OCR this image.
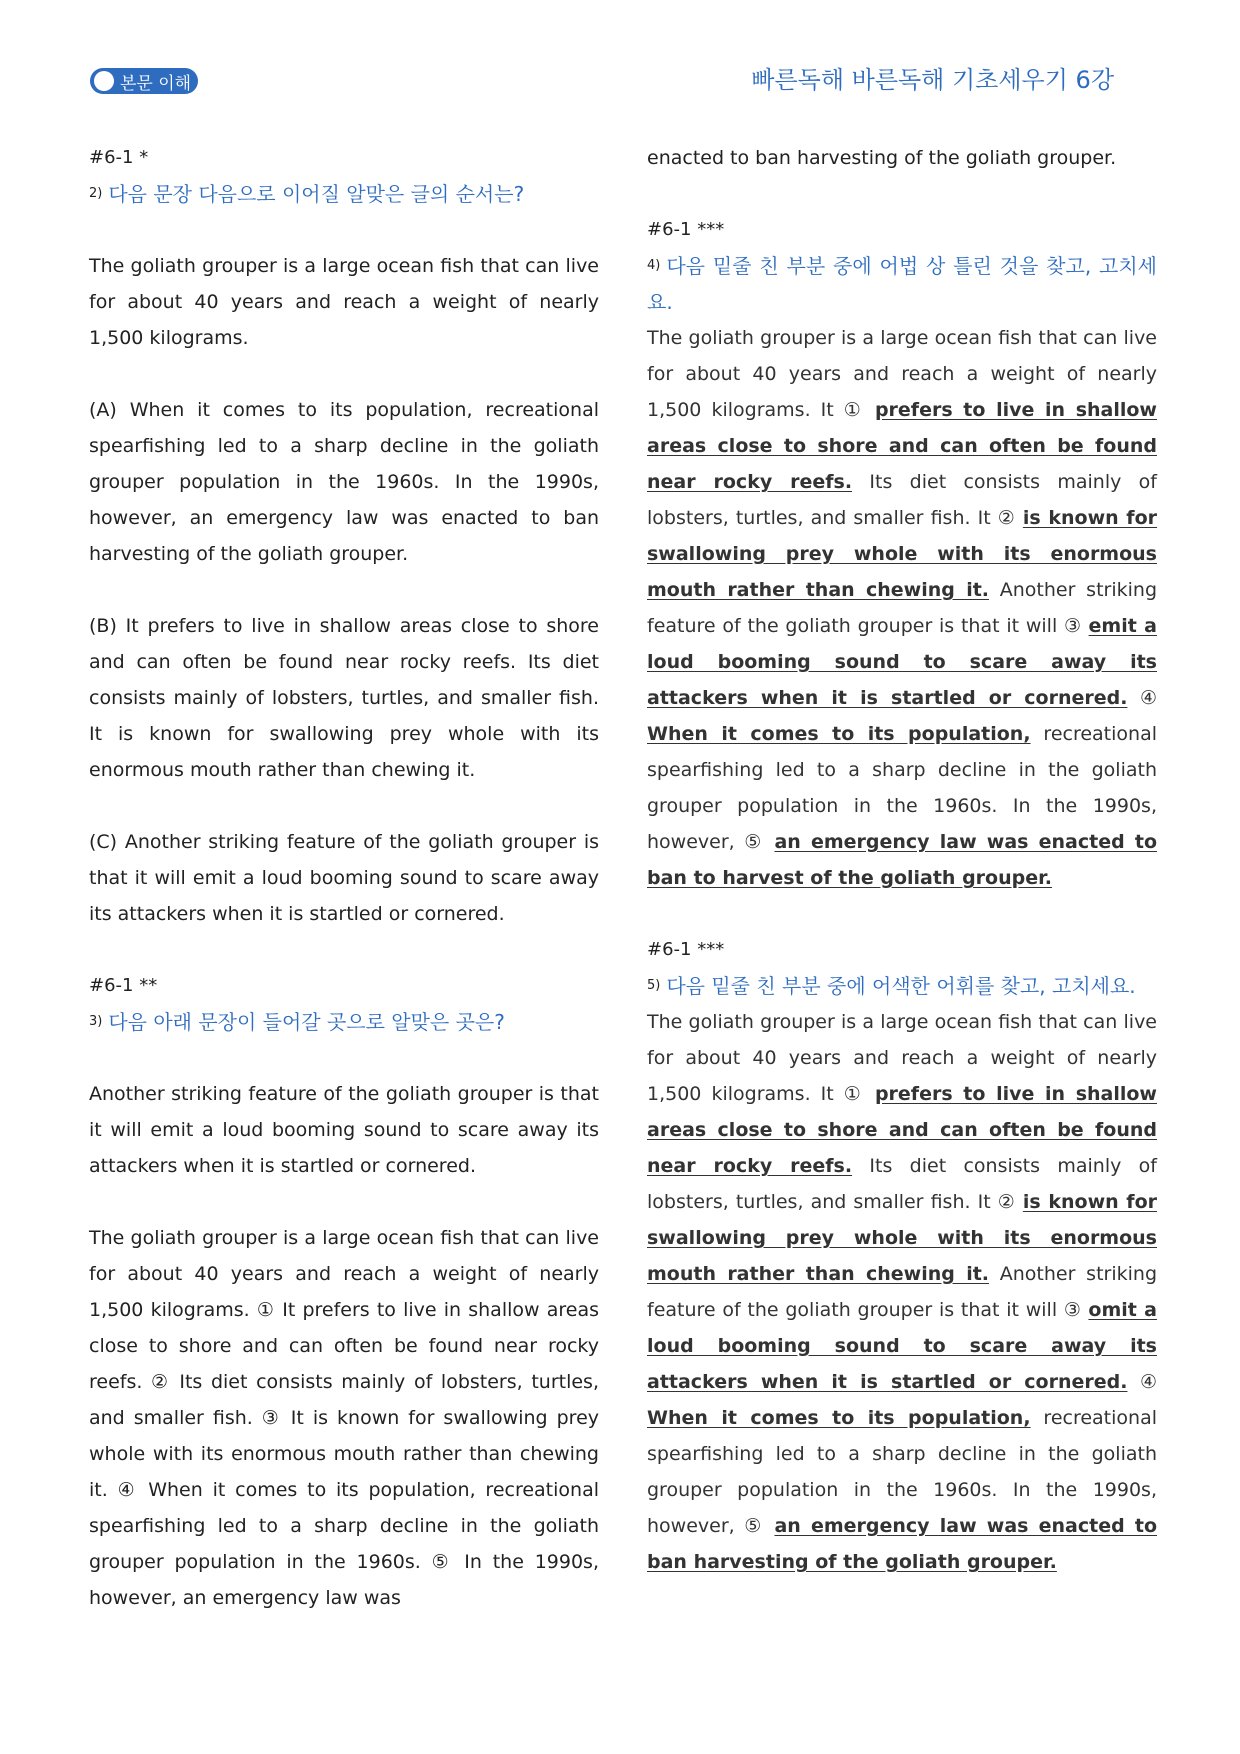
본문 이해	빠른독해 바른독해 기초세우기 6강

#6-1 *

$^{2)}$ 다음 문장 다음으로 이어질 알맞은 글의 순서는?

The goliath grouper is a large ocean fish that can live for about 40 years and reach a weight of nearly 1,500 kilograms.

(A) When it comes to its population, recreational spearfishing led to a sharp decline in the goliath grouper population in the 1960s. In the 1990s, however, an emergency law was enacted to ban harvesting of the goliath grouper.

(B) It prefers to live in shallow areas close to shore and can often be found near rocky reefs. Its diet consists mainly of lobsters, turtles, and smaller fish. It is known for swallowing prey whole with its enormous mouth rather than chewing it.

(C) Another striking feature of the goliath grouper is that it will emit a loud booming sound to scare away its attackers when it is startled or cornered.

#6-1 **

$^{3)}$ 다음 아래 문장이 들어갈 곳으로 알맞은 곳은?

Another striking feature of the goliath grouper is that it will emit a loud booming sound to scare away its attackers when it is startled or cornered.

The goliath grouper is a large ocean fish that can live for about 40 years and reach a weight of nearly 1,500 kilograms. ① It prefers to live in shallow areas close to shore and can often be found near rocky reefs. ② Its diet consists mainly of lobsters, turtles, and smaller fish. ③ It is known for swallowing prey whole with its enormous mouth rather than chewing it. ④ When it comes to its population, recreational spearfishing led to a sharp decline in the goliath grouper population in the 1960s. ⑤ In the 1990s, however, an emergency law was

enacted to ban harvesting of the goliath grouper.

#6-1 ***

$^{4)}$ 다음 밑줄 친 부분 중에 어법 상 틀린 것을 찾고, 고치세요.

The goliath grouper is a large ocean fish that can live for about 40 years and reach a weight of nearly 1,500 kilograms. It ① prefers to live in shallow areas close to shore and can often be found near rocky reefs. Its diet consists mainly of lobsters, turtles, and smaller fish. It ② is known for swallowing prey whole with its enormous mouth rather than chewing it. Another striking feature of the goliath grouper is that it will ③ emit a loud booming sound to scare away its attackers when it is startled or cornered. ④ When it comes to its population, recreational spearfishing led to a sharp decline in the goliath grouper population in the 1960s. In the 1990s, however, ⑤ an emergency law was enacted to ban to harvest of the goliath grouper.

#6-1 ***

$^{5)}$ 다음 밑줄 친 부분 중에 어색한 어휘를 찾고, 고치세요.

The goliath grouper is a large ocean fish that can live for about 40 years and reach a weight of nearly 1,500 kilograms. It ① prefers to live in shallow areas close to shore and can often be found near rocky reefs. Its diet consists mainly of lobsters, turtles, and smaller fish. It ② is known for swallowing prey whole with its enormous mouth rather than chewing it. Another striking feature of the goliath grouper is that it will ③ omit a loud booming sound to scare away its attackers when it is startled or cornered. ④ When it comes to its population, recreational spearfishing led to a sharp decline in the goliath grouper population in the 1960s. In the 1990s, however, ⑤ an emergency law was enacted to ban harvesting of the goliath grouper.
